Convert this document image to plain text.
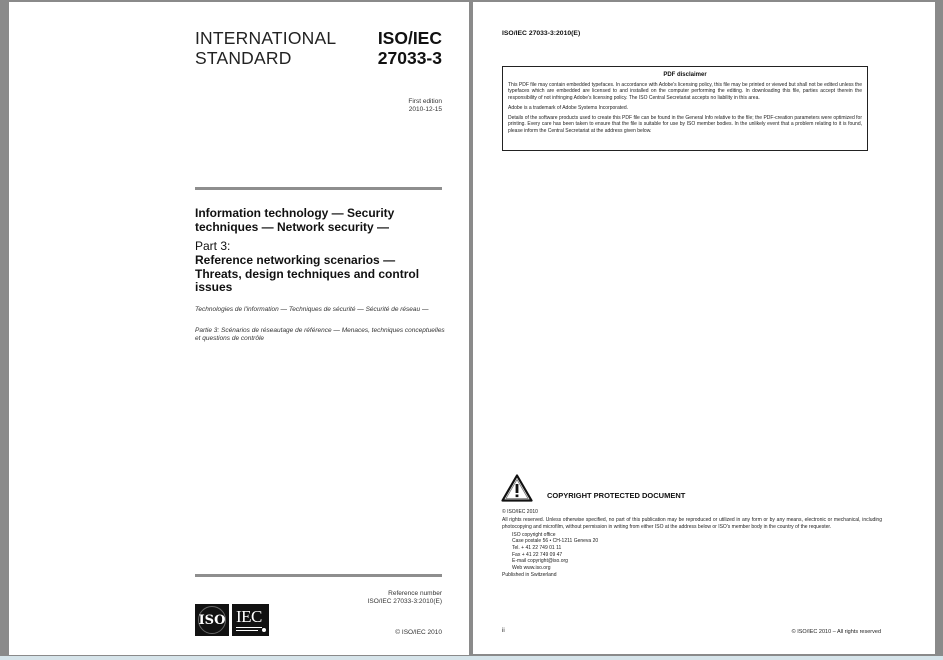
INTERNATIONAL
STANDARD
ISO/IEC
27033-3
First edition
2010-12-15
Information technology — Security techniques — Network security —
Part 3:
Reference networking scenarios — Threats, design techniques and control issues
Technologies de l'information — Techniques de sécurité — Sécurité de réseau —
Partie 3: Scénarios de réseautage de référence — Menaces, techniques conceptuelles et questions de contrôle
Reference number
ISO/IEC 27033-3:2010(E)
ISO IEC
© ISO/IEC 2010
ISO/IEC 27033-3:2010(E)
PDF disclaimer

This PDF file may contain embedded typefaces. In accordance with Adobe's licensing policy, this file may be printed or viewed but shall not be edited unless the typefaces which are embedded are licensed to and installed on the computer performing the editing. In downloading this file, parties accept therein the responsibility of not infringing Adobe's licensing policy. The ISO Central Secretariat accepts no liability in this area.

Adobe is a trademark of Adobe Systems Incorporated.

Details of the software products used to create this PDF file can be found in the General Info relative to the file; the PDF-creation parameters were optimized for printing. Every care has been taken to ensure that the file is suitable for use by ISO member bodies. In the unlikely event that a problem relating to it is found, please inform the Central Secretariat at the address given below.

COPYRIGHT PROTECTED DOCUMENT

© ISO/IEC 2010

All rights reserved. Unless otherwise specified, no part of this publication may be reproduced or utilized in any form or by any means, electronic or mechanical, including photocopying and microfilm, without permission in writing from either ISO at the address below or ISO's member body in the country of the requester.

ISO copyright office
Case postale 56 • CH-1211 Geneva 20
Tel. + 41 22 749 01 11
Fax + 41 22 749 09 47
E-mail copyright@iso.org
Web www.iso.org

Published in Switzerland

ii	© ISO/IEC 2010 – All rights reserved
